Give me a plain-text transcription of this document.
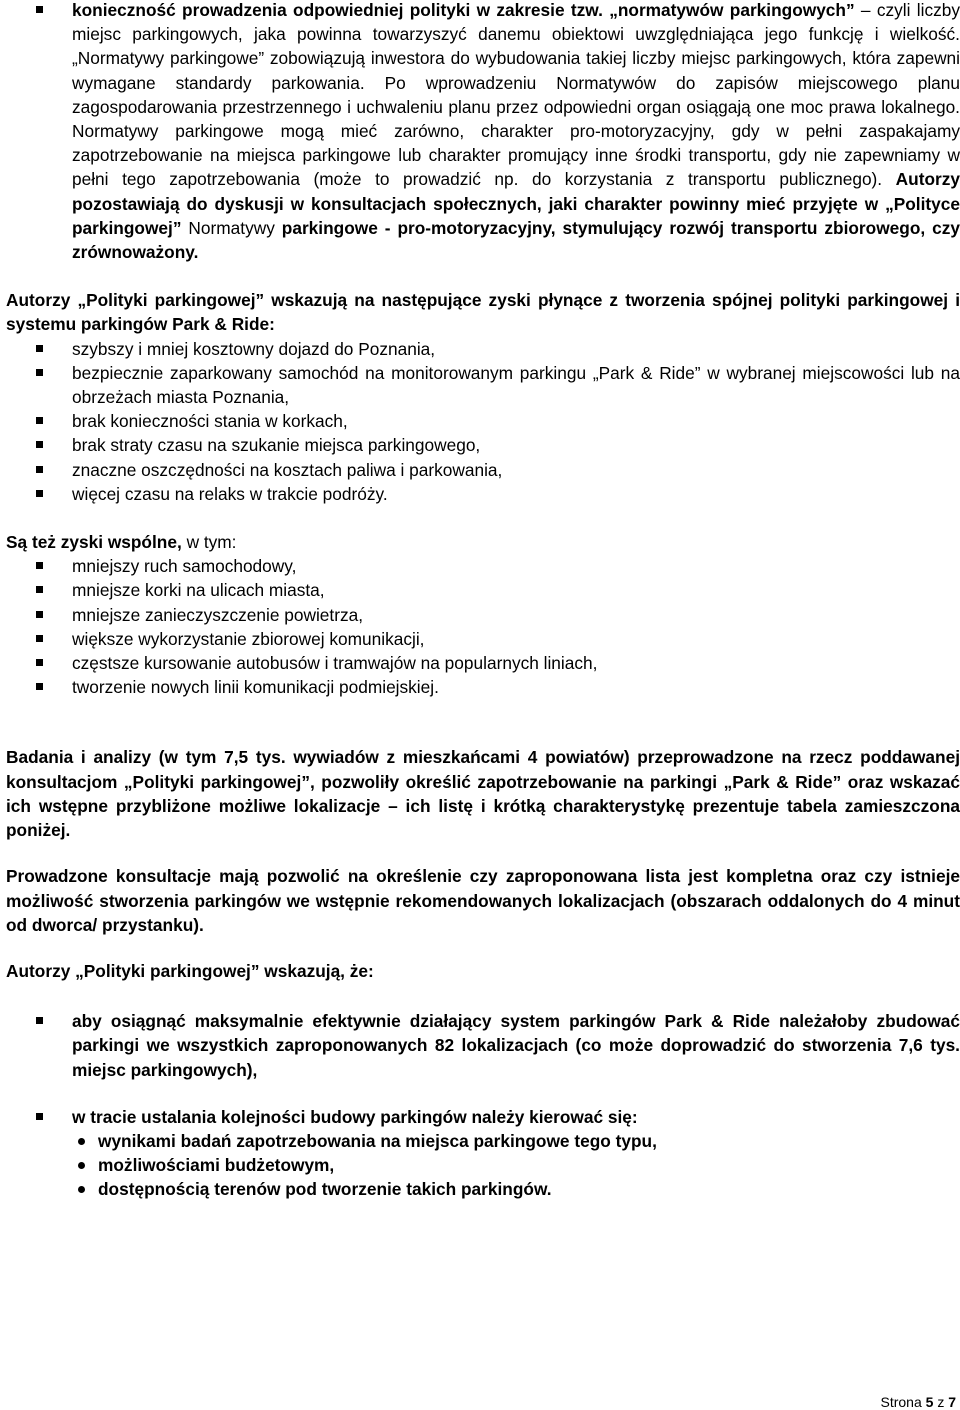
konieczność prowadzenia odpowiedniej polityki w zakresie tzw. „normatywów parkingowych” – czyli liczby miejsc parkingowych, jaka powinna towarzyszyć danemu obiektowi uwzględniająca jego funkcję i wielkość. „Normatywy parkingowe” zobowiązują inwestora do wybudowania takiej liczby miejsc parkingowych, która zapewni wymagane standardy parkowania. Po wprowadzeniu Normatywów do zapisów miejscowego planu zagospodarowania przestrzennego i uchwaleniu planu przez odpowiedni organ osiągają one moc prawa lokalnego. Normatywy parkingowe mogą mieć zarówno, charakter pro-motoryzacyjny, gdy w pełni zaspakajamy zapotrzebowanie na miejsca parkingowe lub charakter promujący inne środki transportu, gdy nie zapewniamy w pełni tego zapotrzebowania (może to prowadzić np. do korzystania z transportu publicznego). Autorzy pozostawiają do dyskusji w konsultacjach społecznych, jaki charakter powinny mieć przyjęte w „Polityce parkingowej” Normatywy parkingowe - pro-motoryzacyjny, stymulujący rozwój transportu zbiorowego, czy zrównoważony.

Autorzy „Polityki parkingowej” wskazują na następujące zyski płynące z tworzenia spójnej polityki parkingowej i systemu parkingów Park & Ride:

szybszy i mniej kosztowny dojazd do Poznania,
bezpiecznie zaparkowany samochód na monitorowanym parkingu „Park & Ride” w wybranej miejscowości lub na obrzeżach miasta Poznania,
brak konieczności stania w korkach,
brak straty czasu na szukanie miejsca parkingowego,
znaczne oszczędności na kosztach paliwa i parkowania,
więcej czasu na relaks w trakcie podróży.

Są też zyski wspólne, w tym:

mniejszy ruch samochodowy,
mniejsze korki na ulicach miasta,
mniejsze zanieczyszczenie powietrza,
większe wykorzystanie zbiorowej komunikacji,
częstsze kursowanie autobusów i tramwajów na popularnych liniach,
tworzenie nowych linii komunikacji podmiejskiej.

Badania i analizy (w tym 7,5 tys. wywiadów z mieszkańcami 4 powiatów) przeprowadzone na rzecz poddawanej konsultacjom „Polityki parkingowej”, pozwoliły określić zapotrzebowanie na parkingi „Park & Ride” oraz wskazać ich wstępne przybliżone możliwe lokalizacje – ich listę i krótką charakterystykę prezentuje tabela zamieszczona poniżej.

Prowadzone konsultacje mają pozwolić na określenie czy zaproponowana lista jest kompletna oraz czy istnieje możliwość stworzenia parkingów we wstępnie rekomendowanych lokalizacjach (obszarach oddalonych do 4 minut od dworca/ przystanku).

Autorzy „Polityki parkingowej” wskazują, że:

aby osiągnąć maksymalnie efektywnie działający system parkingów Park & Ride należałoby zbudować parkingi we wszystkich zaproponowanych 82 lokalizacjach (co może doprowadzić do stworzenia 7,6 tys. miejsc parkingowych),
w tracie ustalania kolejności budowy parkingów należy kierować się:
wynikami badań zapotrzebowania na miejsca parkingowe tego typu,
możliwościami budżetowym,
dostępnością terenów pod tworzenie takich parkingów.
Strona 5 z 7
